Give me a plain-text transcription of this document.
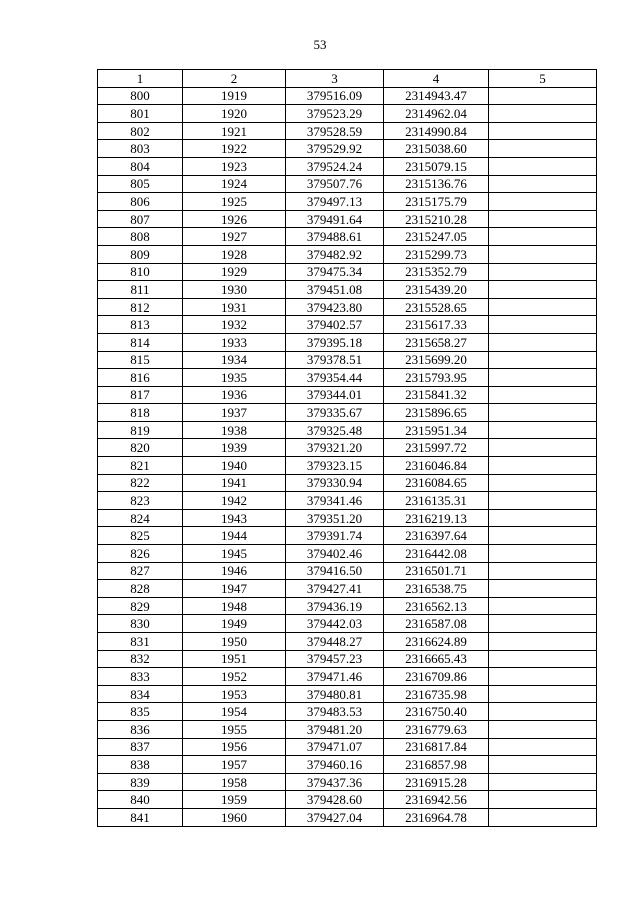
53
1	2	3	4	5
800	1919	379516.09	2314943.47	
801	1920	379523.29	2314962.04	
802	1921	379528.59	2314990.84	
803	1922	379529.92	2315038.60	
804	1923	379524.24	2315079.15	
805	1924	379507.76	2315136.76	
806	1925	379497.13	2315175.79	
807	1926	379491.64	2315210.28	
808	1927	379488.61	2315247.05	
809	1928	379482.92	2315299.73	
810	1929	379475.34	2315352.79	
811	1930	379451.08	2315439.20	
812	1931	379423.80	2315528.65	
813	1932	379402.57	2315617.33	
814	1933	379395.18	2315658.27	
815	1934	379378.51	2315699.20	
816	1935	379354.44	2315793.95	
817	1936	379344.01	2315841.32	
818	1937	379335.67	2315896.65	
819	1938	379325.48	2315951.34	
820	1939	379321.20	2315997.72	
821	1940	379323.15	2316046.84	
822	1941	379330.94	2316084.65	
823	1942	379341.46	2316135.31	
824	1943	379351.20	2316219.13	
825	1944	379391.74	2316397.64	
826	1945	379402.46	2316442.08	
827	1946	379416.50	2316501.71	
828	1947	379427.41	2316538.75	
829	1948	379436.19	2316562.13	
830	1949	379442.03	2316587.08	
831	1950	379448.27	2316624.89	
832	1951	379457.23	2316665.43	
833	1952	379471.46	2316709.86	
834	1953	379480.81	2316735.98	
835	1954	379483.53	2316750.40	
836	1955	379481.20	2316779.63	
837	1956	379471.07	2316817.84	
838	1957	379460.16	2316857.98	
839	1958	379437.36	2316915.28	
840	1959	379428.60	2316942.56	
841	1960	379427.04	2316964.78	
